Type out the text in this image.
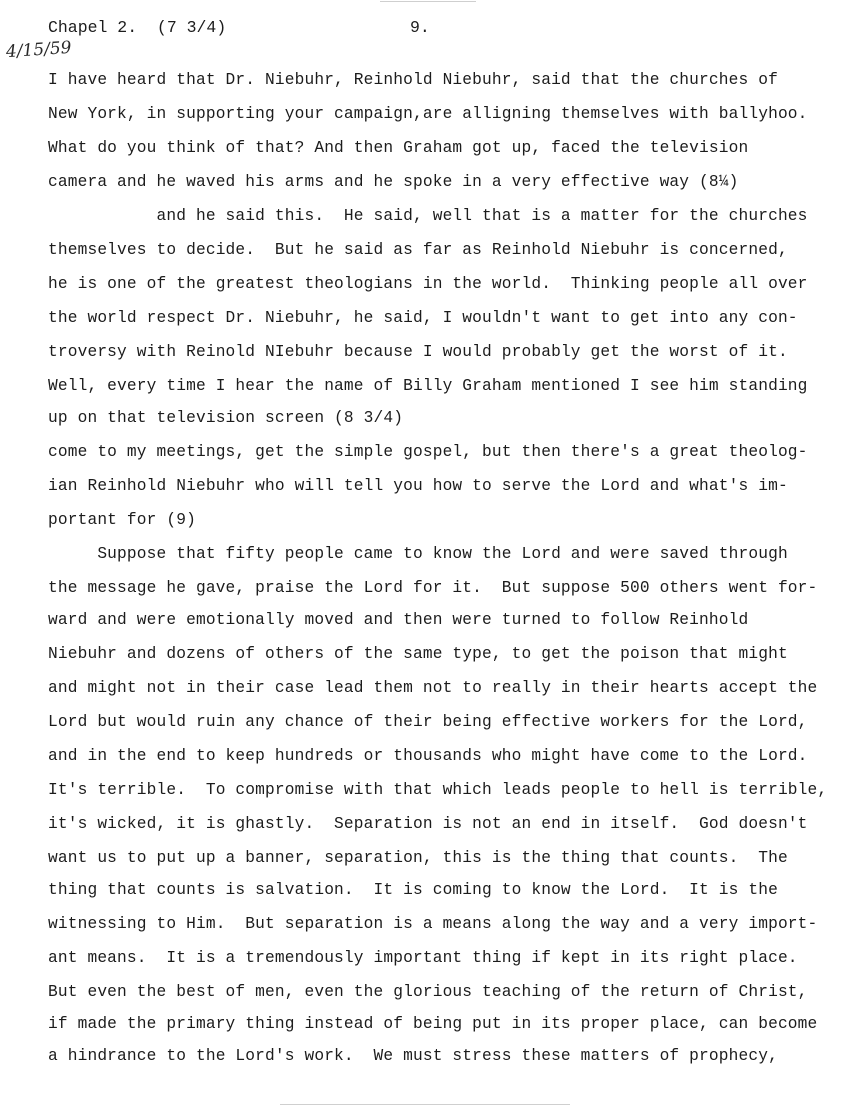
Chapel 2.  (7 3/4)	9.
4/15/59
I have heard that Dr. Niebuhr, Reinhold Niebuhr, said that the churches of
New York, in supporting your campaign,are alligning themselves with ballyhoo.
What do you think of that? And then Graham got up, faced the television
camera and he waved his arms and he spoke in a very effective way (8¼)
and he said this.  He said, well that is a matter for the churches
themselves to decide.  But he said as far as Reinhold Niebuhr is concerned,
he is one of the greatest theologians in the world.  Thinking people all over
the world respect Dr. Niebuhr, he said, I wouldn't want to get into any con-
troversy with Reinold NIebuhr because I would probably get the worst of it.
Well, every time I hear the name of Billy Graham mentioned I see him standing
up on that television screen (8 3/4)
come to my meetings, get the simple gospel, but then there's a great theolog-
ian Reinhold Niebuhr who will tell you how to serve the Lord and what's im-
portant for (9)
Suppose that fifty people came to know the Lord and were saved through
the message he gave, praise the Lord for it.  But suppose 500 others went for-
ward and were emotionally moved and then were turned to follow Reinhold
Niebuhr and dozens of others of the same type, to get the poison that might
and might not in their case lead them not to really in their hearts accept the
Lord but would ruin any chance of their being effective workers for the Lord,
and in the end to keep hundreds or thousands who might have come to the Lord.
It's terrible.  To compromise with that which leads people to hell is terrible,
it's wicked, it is ghastly.  Separation is not an end in itself.  God doesn't
want us to put up a banner, separation, this is the thing that counts.  The
thing that counts is salvation.  It is coming to know the Lord.  It is the
witnessing to Him.  But separation is a means along the way and a very import-
ant means.  It is a tremendously important thing if kept in its right place.
But even the best of men, even the glorious teaching of the return of Christ,
if made the primary thing instead of being put in its proper place, can become
a hindrance to the Lord's work.  We must stress these matters of prophecy,
